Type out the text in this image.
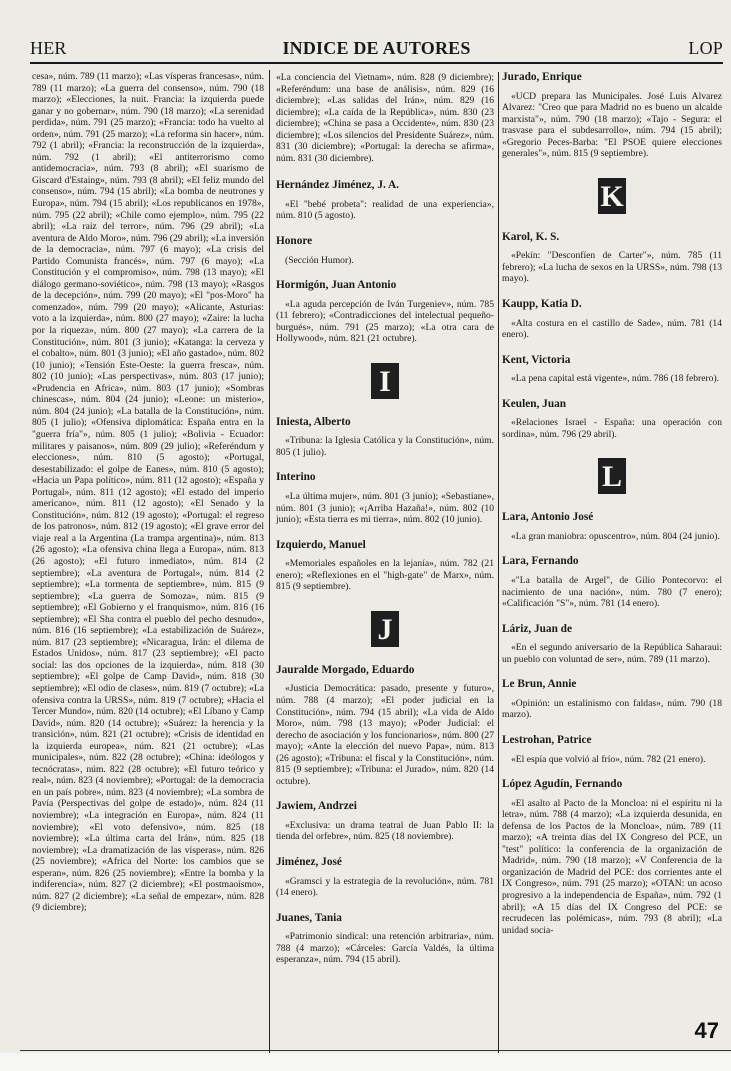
HER	INDICE DE AUTORES	LOP

cesa», núm. 789 (11 marzo); «Las vísperas francesas», núm. 789 (11 marzo); «La guerra del consenso», núm. 790 (18 marzo); «Elecciones, la nuit. Francia: la izquierda puede ganar y no gobernar», núm. 790 (18 marzo); «La serenidad perdida», núm. 791 (25 marzo); «Francia: todo ha vuelto al orden», núm. 791 (25 marzo); «La reforma sin hacer», núm. 792 (1 abril); «Francia: la reconstrucción de la izquierda», núm. 792 (1 abril); «El antiterrorismo como antidemocracia», núm. 793 (8 abril); «El suarismo de Giscard d'Estaing», núm. 793 (8 abril); «El feliz mundo del consenso», núm. 794 (15 abril); «La bomba de neutrones y Europa», núm. 794 (15 abril); «Los republicanos en 1978», núm. 795 (22 abril); «Chile como ejemplo», núm. 795 (22 abril); «La raíz del terror», núm. 796 (29 abril); «La aventura de Aldo Moro», núm. 796 (29 abril); «La inversión de la democracia», núm. 797 (6 mayo); «La crisis del Partido Comunista francés», núm. 797 (6 mayo); «La Constitución y el compromiso», núm. 798 (13 mayo); «El diálogo germano-soviético», núm. 798 (13 mayo); «Rasgos de la decepción», núm. 799 (20 mayo); «El "pos-Moro" ha comenzado», núm. 799 (20 mayo); «Alicante, Asturias: voto a la izquierda», núm. 800 (27 mayo); «Zaire: la lucha por la riqueza», núm. 800 (27 mayo); «La carrera de la Constitución», núm. 801 (3 junio); «Katanga: la cerveza y el cobalto», núm. 801 (3 junio); «El año gastado», núm. 802 (10 junio); «Tensión Este-Oeste: la guerra fresca», núm. 802 (10 junio); «Las perspectivas», núm. 803 (17 junio); «Prudencia en Africa», núm. 803 (17 junio); «Sombras chinescas», núm. 804 (24 junio); «Leone: un misterio», núm. 804 (24 junio); «La batalla de la Constitución», núm. 805 (1 julio); «Ofensiva diplomática: España entra en la "guerra fría"», núm. 805 (1 julio); «Bolivia - Ecuador: militares y paisanos», núm. 809 (29 julio); «Referéndum y elecciones», núm. 810 (5 agosto); «Portugal, desestabilizado: el golpe de Eanes», núm. 810 (5 agosto); «Hacia un Papa político», núm. 811 (12 agosto); «España y Portugal», núm. 811 (12 agosto); «El estado del imperio americano», núm. 811 (12 agosto); «El Senado y la Constitución», núm. 812 (19 agosto); «Portugal: el regreso de los patronos», núm. 812 (19 agosto); «El grave error del viaje real a la Argentina (La trampa argentina)», núm. 813 (26 agosto); «La ofensiva china llega a Europa», núm. 813 (26 agosto); «El futuro inmediato», núm. 814 (2 septiembre); «La aventura de Portugal», núm. 814 (2 septiembre); «La tormenta de septiembre», núm. 815 (9 septiembre); «La guerra de Somoza», núm. 815 (9 septiembre); «El Gobierno y el franquismo», núm. 816 (16 septiembre); «El Sha contra el pueblo del pecho desnudo», núm. 816 (16 septiembre); «La estabilización de Suárez», núm. 817 (23 septiembre); «Nicaragua, Irán: el dilema de Estados Unidos», núm. 817 (23 septiembre); «El pacto social: las dos opciones de la izquierda», núm. 818 (30 septiembre); «El golpe de Camp David», núm. 818 (30 septiembre); «El odio de clases», núm. 819 (7 octubre); «La ofensiva contra la URSS», núm. 819 (7 octubre); «Hacia el Tercer Mundo», núm. 820 (14 octubre); «El Líbano y Camp David», núm. 820 (14 octubre); «Suárez: la herencia y la transición», núm. 821 (21 octubre); «Crisis de identidad en la izquierda europea», núm. 821 (21 octubre); «Las municipales», núm. 822 (28 octubre); «China: ideólogos y tecnócratas», núm. 822 (28 octubre); «El futuro teórico y real», núm. 823 (4 noviembre); «Portugal: de la democracia en un país pobre», núm. 823 (4 noviembre); «La sombra de Pavía (Perspectivas del golpe de estado)», núm. 824 (11 noviembre); «La integración en Europa», núm. 824 (11 noviembre); «El voto defensivo», núm. 825 (18 noviembre); «La última carta del Irán», núm. 825 (18 noviembre); «La dramatización de las vísperas», núm. 826 (25 noviembre); «Africa del Norte: los cambios que se esperan», núm. 826 (25 noviembre); «Entre la bomba y la indiferencia», núm. 827 (2 diciembre); «El postmaoísmo», núm. 827 (2 diciembre); «La señal de empezar», núm. 828 (9 diciembre);

«La conciencia del Vietnam», núm. 828 (9 diciembre); «Referéndum: una base de análisis», núm. 829 (16 diciembre); «Las salidas del Irán», núm. 829 (16 diciembre); «La caída de la República», núm. 830 (23 diciembre); «China se pasa a Occidente», núm. 830 (23 diciembre); «Los silencios del Presidente Suárez», núm. 831 (30 diciembre); «Portugal: la derecha se afirma», núm. 831 (30 diciembre).

Hernández Jiménez, J. A.

«El "bebé probeta": realidad de una experiencia», núm. 810 (5 agosto).

Honore

(Sección Humor).

Hormigón, Juan Antonio

«La aguda percepción de Iván Turgeniev», núm. 785 (11 febrero); «Contradicciones del intelectual pequeño-burgués», núm. 791 (25 marzo); «La otra cara de Hollywood», núm. 821 (21 octubre).

I
Iniesta, Alberto

«Tribuna: la Iglesia Católica y la Constitución», núm. 805 (1 julio).

Interino

«La última mujer», núm. 801 (3 junio); «Sebastiane», núm. 801 (3 junio); «¡Arriba Hazaña!», núm. 802 (10 junio); «Esta tierra es mi tierra», núm. 802 (10 junio).

Izquierdo, Manuel

«Memoriales españoles en la lejanía», núm. 782 (21 enero); «Reflexiones en el "high-gate" de Marx», núm. 815 (9 septiembre).

J
Jauralde Morgado, Eduardo

«Justicia Democrática: pasado, presente y futuro», núm. 788 (4 marzo); «El poder judicial en la Constitución», núm. 794 (15 abril); «La vida de Aldo Moro», núm. 798 (13 mayo); «Poder Judicial: el derecho de asociación y los funcionarios», núm. 800 (27 mayo); «Ante la elección del nuevo Papa», núm. 813 (26 agosto); «Tribuna: el fiscal y la Constitución», núm. 815 (9 septiembre); «Tribuna: el Jurado», núm. 820 (14 octubre).

Jawiem, Andrzei

«Exclusiva: un drama teatral de Juan Pablo II: la tienda del orfebre», núm. 825 (18 noviembre).

Jiménez, José

«Gramsci y la estrategia de la revolución», núm. 781 (14 enero).

Juanes, Tania

«Patrimonio sindical: una retención arbitraria», núm. 788 (4 marzo); «Cárceles: García Valdés, la última esperanza», núm. 794 (15 abril).

Jurado, Enrique

«UCD prepara las Municipales. José Luis Alvarez Alvarez: "Creo que para Madrid no es bueno un alcalde marxista"», núm. 790 (18 marzo); «Tajo - Segura: el trasvase para el subdesarrollo», núm. 794 (15 abril); «Gregorio Peces-Barba: "El PSOE quiere elecciones generales"», núm. 815 (9 septiembre).

K
Karol, K. S.

«Pekín: "Desconfíen de Carter"», núm. 785 (11 febrero); «La lucha de sexos en la URSS», núm. 798 (13 mayo).

Kaupp, Katia D.

«Alta costura en el castillo de Sade», núm. 781 (14 enero).

Kent, Victoria

«La pena capital está vigente», núm. 786 (18 febrero).

Keulen, Juan

«Relaciones Israel - España: una operación con sordina», núm. 796 (29 abril).

L
Lara, Antonio José

«La gran maniobra: opuscentro», núm. 804 (24 junio).

Lara, Fernando

«"La batalla de Argel", de Gilio Pontecorvo: el nacimiento de una nación», núm. 780 (7 enero); «Calificación "S"», núm. 781 (14 enero).

Láriz, Juan de

«En el segundo aniversario de la República Saharaui: un pueblo con voluntad de ser», núm. 789 (11 marzo).

Le Brun, Annie

«Opinión: un estalinismo con faldas», núm. 790 (18 marzo).

Lestrohan, Patrice

«El espía que volvió al frío», núm. 782 (21 enero).

López Agudín, Fernando

«El asalto al Pacto de la Moncloa: ni el espíritu ni la letra», núm. 788 (4 marzo); «La izquierda desunida, en defensa de los Pactos de la Moncloa», núm. 789 (11 marzo); «A treinta días del IX Congreso del PCE, un "test" político: la conferencia de la organización de Madrid», núm. 790 (18 marzo); «V Conferencia de la organización de Madrid del PCE: dos corrientes ante el IX Congreso», núm. 791 (25 marzo); «OTAN: un acoso progresivo a la independencia de España», núm. 792 (1 abril); «A 15 días del IX Congreso del PCE: se recrudecen las polémicas», núm. 793 (8 abril); «La unidad socia-

47
